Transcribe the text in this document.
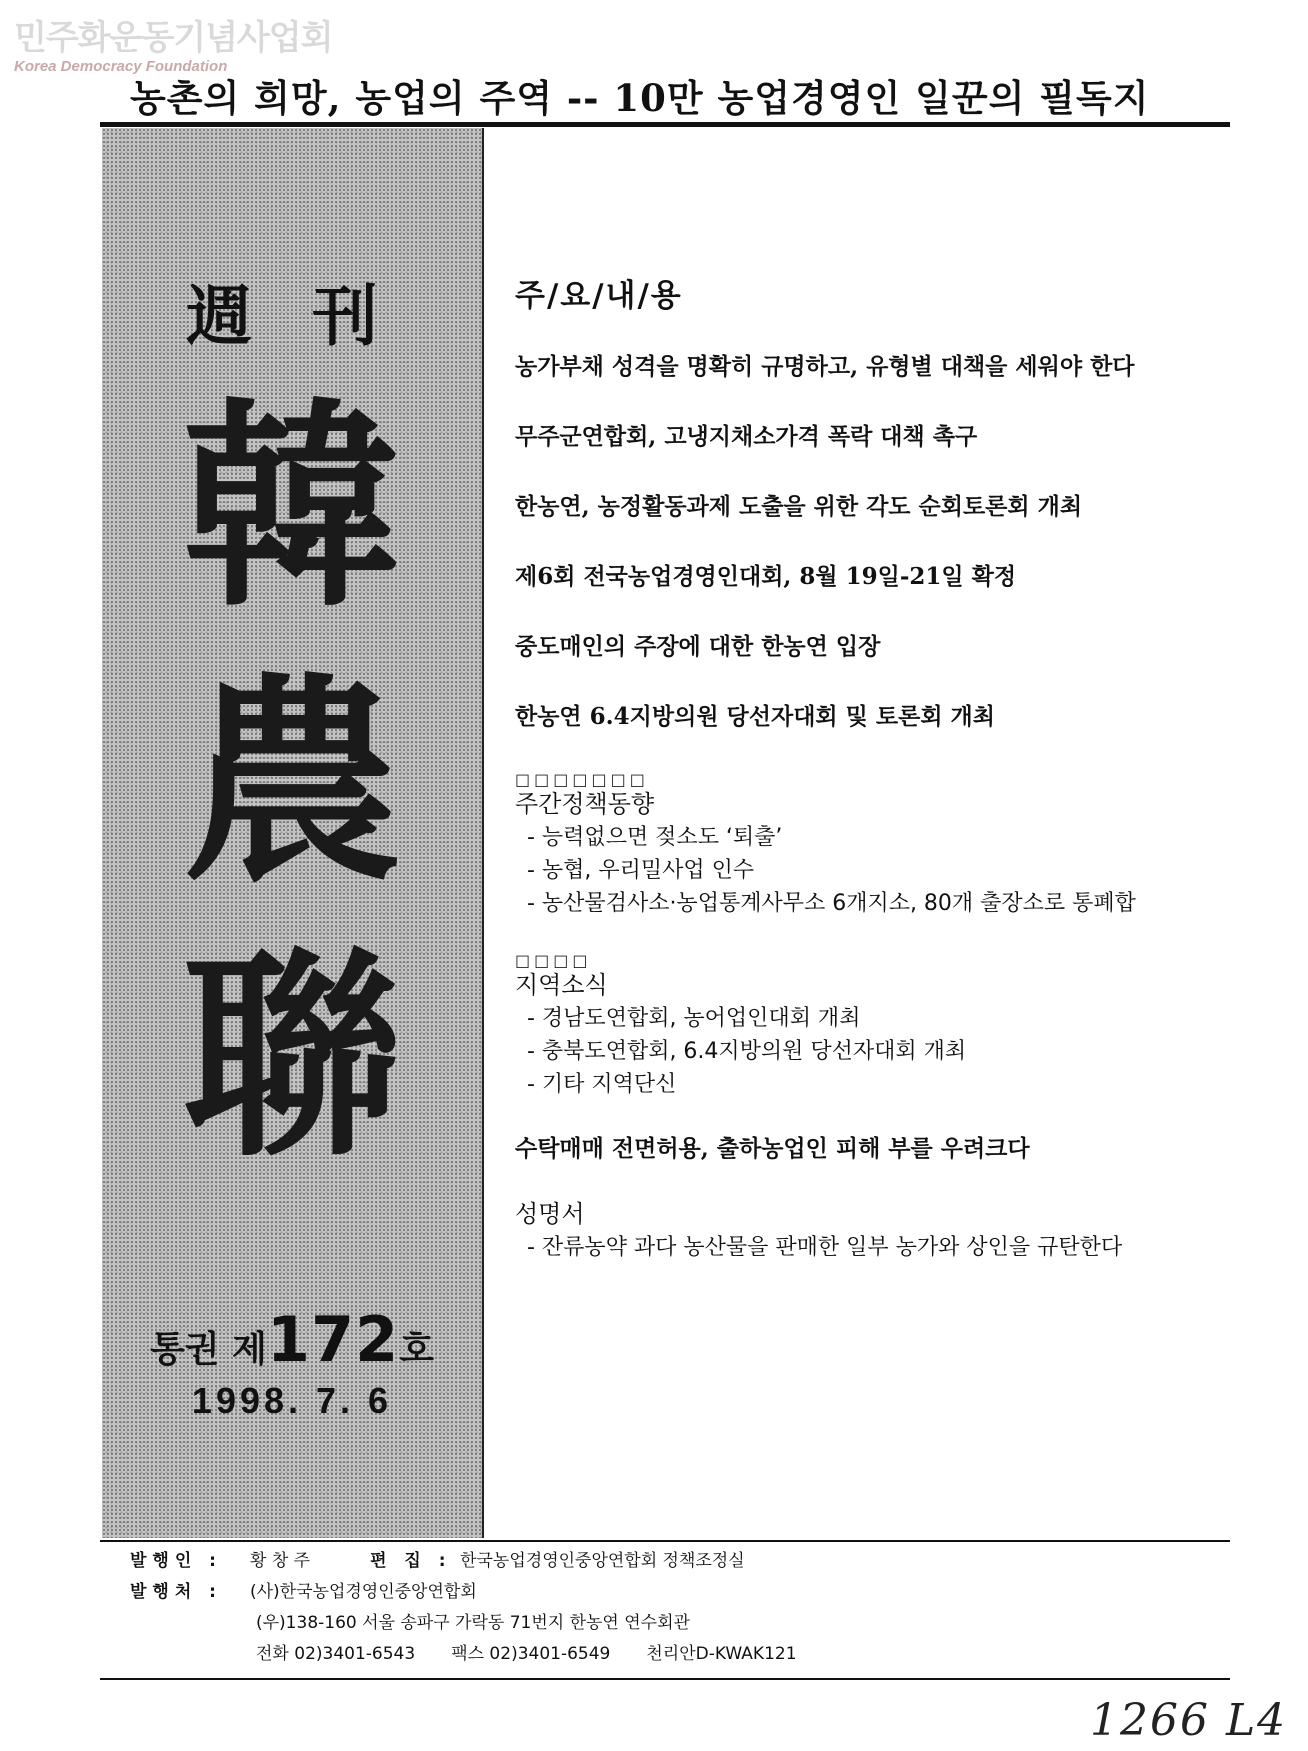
민주화운동기념사업회
Korea Democracy Foundation
농촌의 희망, 농업의 주역 -- 10만 농업경영인 일꾼의 필독지
週刊
韓
農
聯
통권 제172호
1998. 7. 6
주/요/내/용
농가부채 성격을 명확히 규명하고, 유형별 대책을 세워야 한다
무주군연합회, 고냉지채소가격 폭락 대책 촉구
한농연, 농정활동과제 도출을 위한 각도 순회토론회 개최
제6회 전국농업경영인대회, 8월 19일-21일 확정
중도매인의 주장에 대한 한농연 입장
한농연 6.4지방의원 당선자대회 및 토론회 개최
□□□□□□□
주간정책동향
- 능력없으면 젖소도 ‘퇴출’
- 농협, 우리밀사업 인수
- 농산물검사소·농업통계사무소 6개지소, 80개 출장소로 통폐합
□□□□
지역소식
- 경남도연합회, 농어업인대회 개최
- 충북도연합회, 6.4지방의원 당선자대회 개최
- 기타 지역단신
수탁매매 전면허용, 출하농업인 피해 부를 우려크다
성명서
- 잔류농약 과다 농산물을 판매한 일부 농가와 상인을 규탄한다
발행인 : 황 창 주	편 집 : 한국농업경영인중앙연합회 정책조정실
발행처 : (사)한국농업경영인중앙연합회
(우)138-160 서울 송파구 가락동 71번지 한농연 연수회관
전화 02)3401-6543 팩스 02)3401-6549 천리안D-KWAK121
1266 L4
